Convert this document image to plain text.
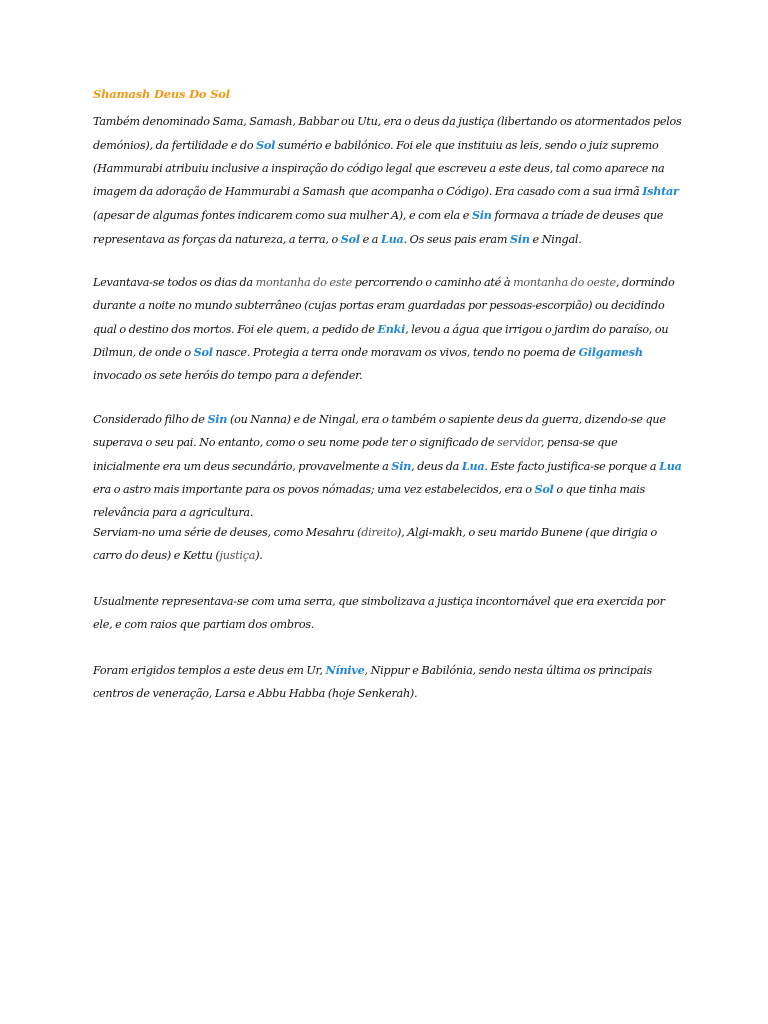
Shamash Deus Do Sol

Também denominado Sama, Samash, Babbar ou Utu, era o deus da justiça (libertando os atormentados pelos demónios), da fertilidade e do Sol sumério e babilónico. Foi ele que instituiu as leis, sendo o juiz supremo (Hammurabi atribuiu inclusive a inspiração do código legal que escreveu a este deus, tal como aparece na imagem da adoração de Hammurabi a Samash que acompanha o Código). Era casado com a sua irmã Ishtar (apesar de algumas fontes indicarem como sua mulher A), e com ela e Sin formava a tríade de deuses que representava as forças da natureza, a terra, o Sol e a Lua. Os seus pais eram Sin e Ningal.

Levantava-se todos os dias da montanha do este percorrendo o caminho até à montanha do oeste, dormindo durante a noite no mundo subterrâneo (cujas portas eram guardadas por pessoas-escorpião) ou decidindo qual o destino dos mortos. Foi ele quem, a pedido de Enki, levou a água que irrigou o jardim do paraíso, ou Dilmun, de onde o Sol nasce. Protegia a terra onde moravam os vivos, tendo no poema de Gilgamesh invocado os sete heróis do tempo para a defender.

Considerado filho de Sin (ou Nanna) e de Ningal, era o também o sapiente deus da guerra, dizendo-se que superava o seu pai. No entanto, como o seu nome pode ter o significado de servidor, pensa-se que inicialmente era um deus secundário, provavelmente a Sin, deus da Lua. Este facto justifica-se porque a Lua era o astro mais importante para os povos nómadas; uma vez estabelecidos, era o Sol o que tinha mais relevância para a agricultura.

Serviam-no uma série de deuses, como Mesahru (direito), Algi-makh, o seu marido Bunene (que dirigia o carro do deus) e Kettu (justiça).

Usualmente representava-se com uma serra, que simbolizava a justiça incontornável que era exercida por ele, e com raios que partiam dos ombros.

Foram erigidos templos a este deus em Ur, Nínive, Nippur e Babilónia, sendo nesta última os principais centros de veneração, Larsa e Abbu Habba (hoje Senkerah).
